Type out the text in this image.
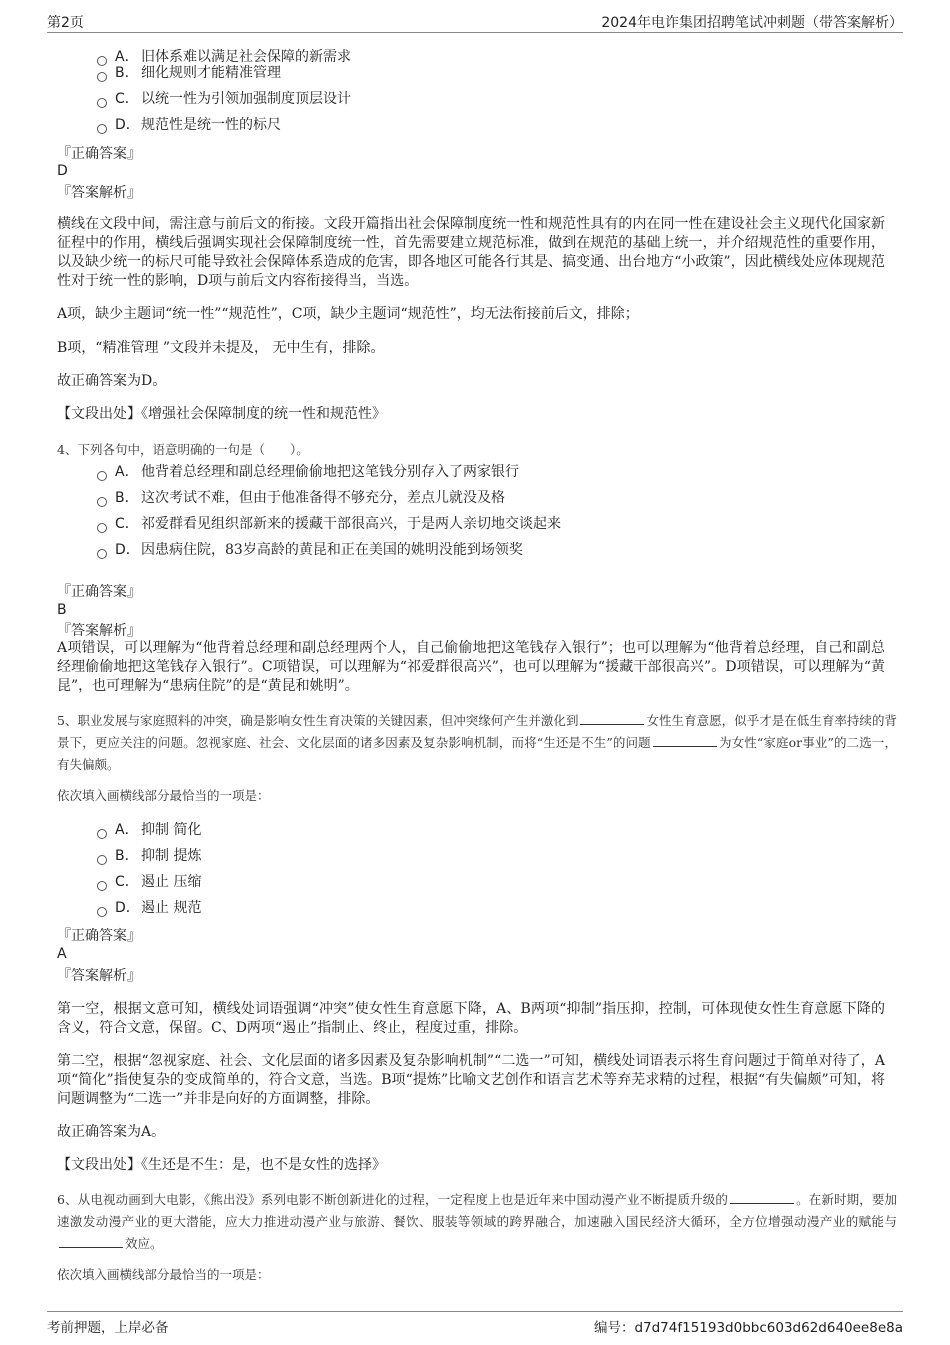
第2页	2024年电诈集团招聘笔试冲刺题（带答案解析）
A． 旧体系难以满足社会保障的新需求
B． 细化规则才能精准管理
C． 以统一性为引领加强制度顶层设计
D．规范性是统一性的标尺
『正确答案』
D
『答案解析』
横线在文段中间，需注意与前后文的衔接。文段开篇指出社会保障制度统一性和规范性具有的内在同一性在建设社会主义现代化国家新征程中的作用，横线后强调实现社会保障制度统一性，首先需要建立规范标准，做到在规范的基础上统一，并介绍规范性的重要作用，以及缺少统一的标尺可能导致社会保障体系造成的危害，即各地区可能各行其是、搞变通、出台地方“小政策”，因此横线处应体现规范性对于统一性的影响，D项与前后文内容衔接得当，当选。
A项，缺少主题词“统一性”“规范性”，C项，缺少主题词“规范性”，均无法衔接前后文，排除；
B项，“精准管理 ”文段并未提及， 无中生有，排除。
故正确答案为D。
【文段出处】《增强社会保障制度的统一性和规范性》
4、下列各句中，语意明确的一句是（　　）。
A． 他背着总经理和副总经理偷偷地把这笔钱分别存入了两家银行
B． 这次考试不难，但由于他准备得不够充分，差点儿就没及格
C． 祁爱群看见组织部新来的援藏干部很高兴，于是两人亲切地交谈起来
D．因患病住院，83岁高龄的黄昆和正在美国的姚明没能到场领奖
『正确答案』
B
『答案解析』
A项错误，可以理解为“他背着总经理和副总经理两个人，自己偷偷地把这笔钱存入银行”；也可以理解为“他背着总经理，自己和副总经理偷偷地把这笔钱存入银行”。C项错误，可以理解为“祁爱群很高兴”，也可以理解为“援藏干部很高兴”。D项错误，可以理解为“黄昆”，也可理解为“患病住院”的是“黄昆和姚明”。
5、职业发展与家庭照料的冲突，确是影响女性生育决策的关键因素，但冲突缘何产生并激化到	女性生育意愿，似乎才是在低生育率持续的背景下，更应关注的问题。忽视家庭、社会、文化层面的诸多因素及复杂影响机制，而将“生还是不生”的问题	为女性“家庭or事业”的二选一，有失偏颇。
依次填入画横线部分最恰当的一项是：
A． 抑制 简化
B． 抑制 提炼
C． 遏止 压缩
D．遏止 规范
『正确答案』
A
『答案解析』
第一空，根据文意可知，横线处词语强调“冲突”使女性生育意愿下降，A、B两项“抑制”指压抑，控制，可体现使女性生育意愿下降的含义，符合文意，保留。C、D两项“遏止”指制止、终止，程度过重，排除。
第二空，根据“忽视家庭、社会、文化层面的诸多因素及复杂影响机制”“二选一”可知，横线处词语表示将生育问题过于简单对待了，A项“简化”指使复杂的变成简单的，符合文意，当选。B项“提炼”比喻文艺创作和语言艺术等弃芜求精的过程，根据“有失偏颇”可知，将问题调整为“二选一”并非是向好的方面调整，排除。
故正确答案为A。
【文段出处】《生还是不生：是，也不是女性的选择》
6、从电视动画到大电影，《熊出没》系列电影不断创新进化的过程，一定程度上也是近年来中国动漫产业不断提质升级的	。在新时期，要加速激发动漫产业的更大潜能，应大力推进动漫产业与旅游、餐饮、服装等领域的跨界融合，加速融入国民经济大循环，全方位增强动漫产业的赋能与效应。
依次填入画横线部分最恰当的一项是：
考前押题，上岸必备	编号：d7d74f15193d0bbc603d62d640ee8e8a
